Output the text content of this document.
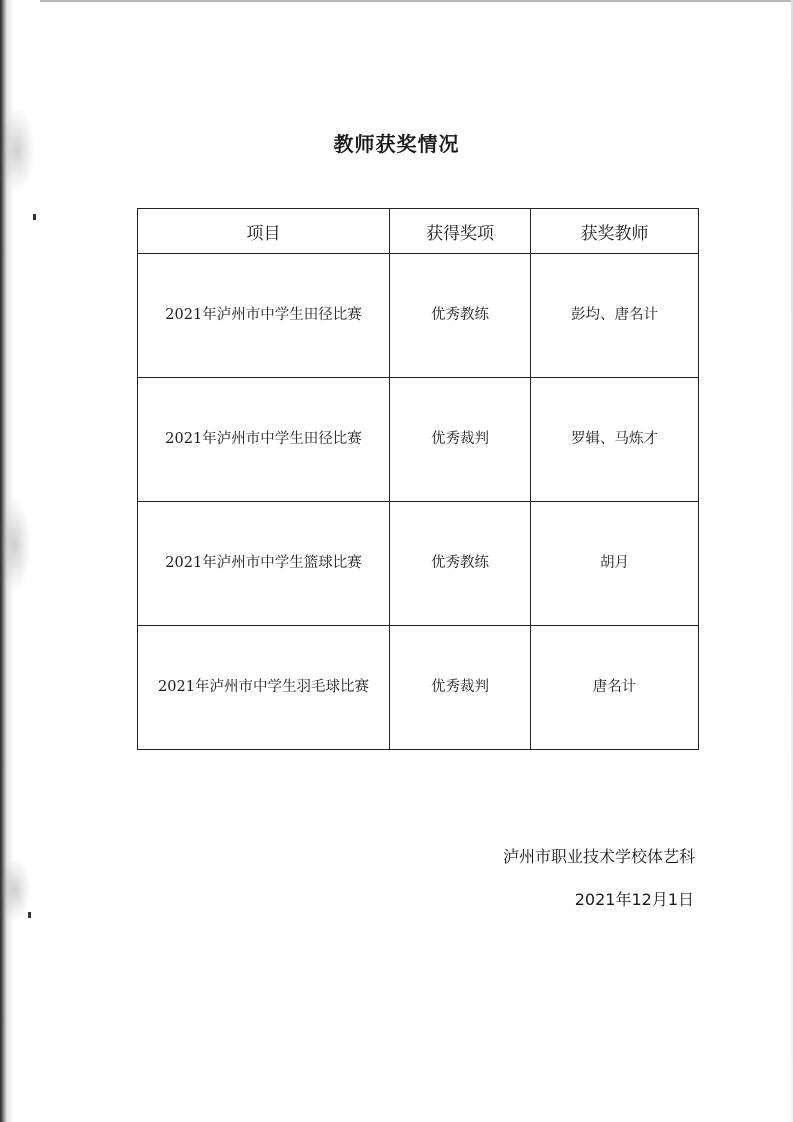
教师获奖情况
项目	获得奖项	获奖教师

2021年泸州市中学生田径比赛	优秀教练	彭均、唐名计

2021年泸州市中学生田径比赛	优秀裁判	罗辑、马炼才

2021年泸州市中学生篮球比赛	优秀教练	胡月

2021年泸州市中学生羽毛球比赛	优秀裁判	唐名计
泸州市职业技术学校体艺科
2021年12月1日
